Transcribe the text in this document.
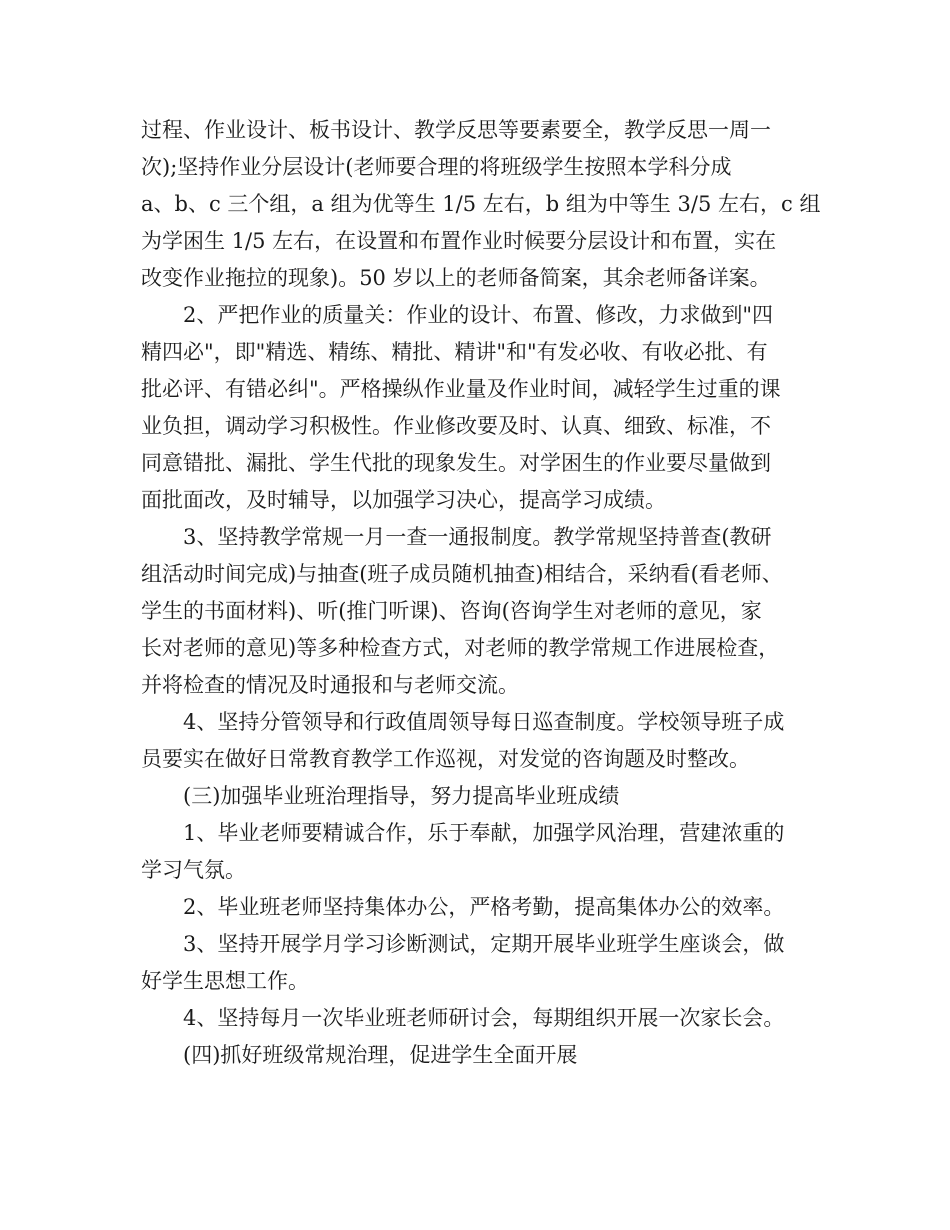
过程、作业设计、板书设计、教学反思等要素要全，教学反思一周一
次);坚持作业分层设计(老师要合理的将班级学生按照本学科分成
a、b、c 三个组，a 组为优等生 1/5 左右，b 组为中等生 3/5 左右，c 组
为学困生 1/5 左右，在设置和布置作业时候要分层设计和布置，实在
改变作业拖拉的现象)。50 岁以上的老师备简案，其余老师备详案。
2、严把作业的质量关：作业的设计、布置、修改，力求做到"四
精四必"，即"精选、精练、精批、精讲"和"有发必收、有收必批、有
批必评、有错必纠"。严格操纵作业量及作业时间，减轻学生过重的课
业负担，调动学习积极性。作业修改要及时、认真、细致、标准，不
同意错批、漏批、学生代批的现象发生。对学困生的作业要尽量做到
面批面改，及时辅导，以加强学习决心，提高学习成绩。
3、坚持教学常规一月一查一通报制度。教学常规坚持普查(教研
组活动时间完成)与抽查(班子成员随机抽查)相结合，采纳看(看老师、
学生的书面材料)、听(推门听课)、咨询(咨询学生对老师的意见，家
长对老师的意见)等多种检查方式，对老师的教学常规工作进展检查，
并将检查的情况及时通报和与老师交流。
4、坚持分管领导和行政值周领导每日巡查制度。学校领导班子成
员要实在做好日常教育教学工作巡视，对发觉的咨询题及时整改。
(三)加强毕业班治理指导，努力提高毕业班成绩
1、毕业老师要精诚合作，乐于奉献，加强学风治理，营建浓重的
学习气氛。
2、毕业班老师坚持集体办公，严格考勤，提高集体办公的效率。
3、坚持开展学月学习诊断测试，定期开展毕业班学生座谈会，做
好学生思想工作。
4、坚持每月一次毕业班老师研讨会，每期组织开展一次家长会。
(四)抓好班级常规治理，促进学生全面开展
